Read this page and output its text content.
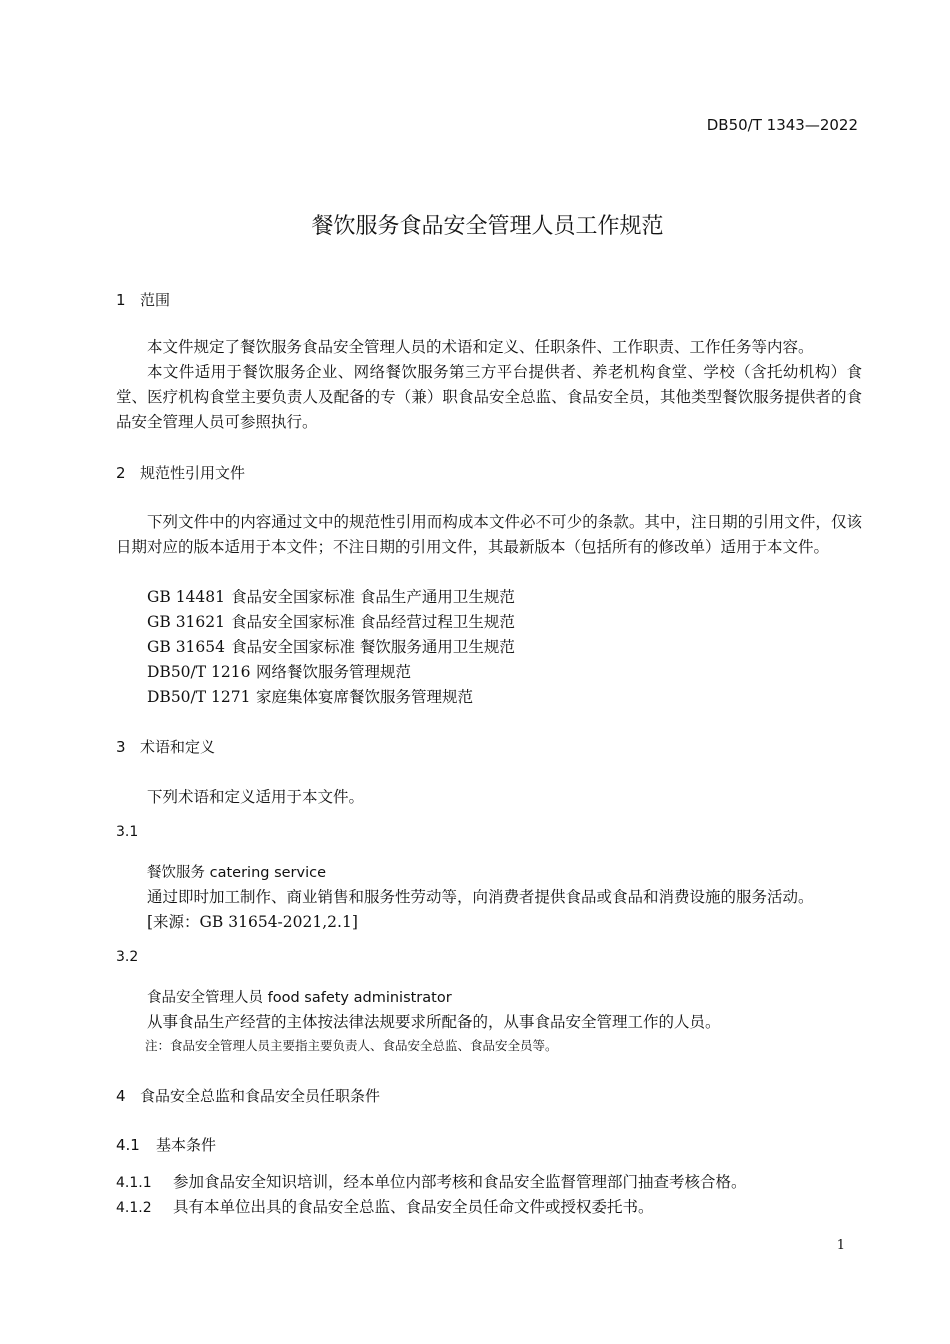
DB50/T 1343—2022
餐饮服务食品安全管理人员工作规范
1 范围
本文件规定了餐饮服务食品安全管理人员的术语和定义、任职条件、工作职责、工作任务等内容。
本文件适用于餐饮服务企业、网络餐饮服务第三方平台提供者、养老机构食堂、学校（含托幼机构）食堂、医疗机构食堂主要负责人及配备的专（兼）职食品安全总监、食品安全员，其他类型餐饮服务提供者的食品安全管理人员可参照执行。
2 规范性引用文件
下列文件中的内容通过文中的规范性引用而构成本文件必不可少的条款。其中，注日期的引用文件，仅该日期对应的版本适用于本文件；不注日期的引用文件，其最新版本（包括所有的修改单）适用于本文件。
GB 14481 食品安全国家标准 食品生产通用卫生规范
GB 31621 食品安全国家标准 食品经营过程卫生规范
GB 31654 食品安全国家标准 餐饮服务通用卫生规范
DB50/T 1216 网络餐饮服务管理规范
DB50/T 1271 家庭集体宴席餐饮服务管理规范
3 术语和定义
下列术语和定义适用于本文件。
3.1
餐饮服务 catering service
通过即时加工制作、商业销售和服务性劳动等，向消费者提供食品或食品和消费设施的服务活动。
[来源：GB 31654-2021,2.1]
3.2
食品安全管理人员 food safety administrator
从事食品生产经营的主体按法律法规要求所配备的，从事食品安全管理工作的人员。
注：食品安全管理人员主要指主要负责人、食品安全总监、食品安全员等。
4 食品安全总监和食品安全员任职条件
4.1 基本条件
4.1.1 参加食品安全知识培训，经本单位内部考核和食品安全监督管理部门抽查考核合格。
4.1.2 具有本单位出具的食品安全总监、食品安全员任命文件或授权委托书。
1
